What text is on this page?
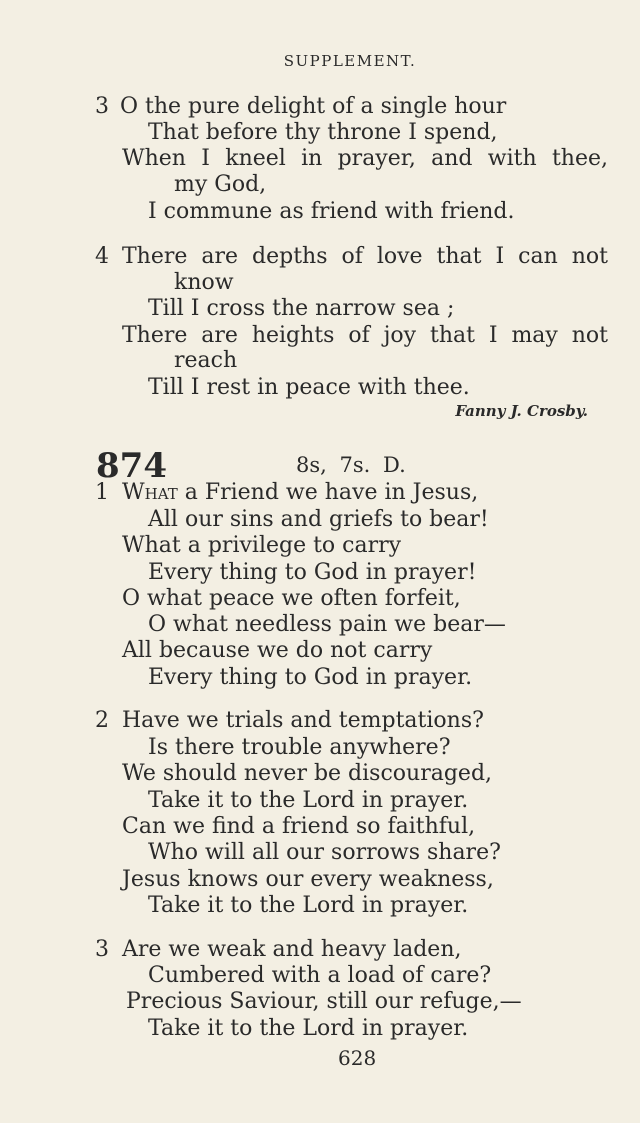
SUPPLEMENT.
3 O the pure delight of a single hour
That before thy throne I spend,
When I kneel in prayer, and with thee,
my God,
I commune as friend with friend.
4 There are depths of love that I can not
know
Till I cross the narrow sea ;
There are heights of joy that I may not
reach
Till I rest in peace with thee.
Fanny J. Crosby.
874	8s, 7s. D.
1 What a Friend we have in Jesus,
All our sins and griefs to bear!
What a privilege to carry
Every thing to God in prayer!
O what peace we often forfeit,
O what needless pain we bear—
All because we do not carry
Every thing to God in prayer.
2 Have we trials and temptations?
Is there trouble anywhere?
We should never be discouraged,
Take it to the Lord in prayer.
Can we find a friend so faithful,
Who will all our sorrows share?
Jesus knows our every weakness,
Take it to the Lord in prayer.
3 Are we weak and heavy laden,
Cumbered with a load of care?
Precious Saviour, still our refuge,—
Take it to the Lord in prayer.
628
